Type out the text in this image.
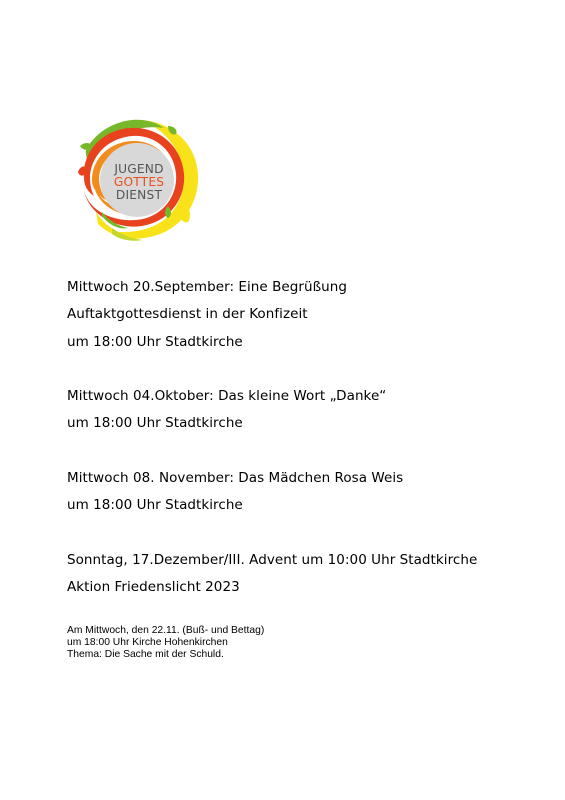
JUGEND
GOTTES
DIENST
Mittwoch 20.September: Eine Begrüßung
Auftaktgottesdienst in der Konfizeit
um 18:00 Uhr Stadtkirche
Mittwoch 04.Oktober: Das kleine Wort „Danke“
um 18:00 Uhr Stadtkirche
Mittwoch 08. November: Das Mädchen Rosa Weis
um 18:00 Uhr Stadtkirche
Sonntag, 17.Dezember/III. Advent um 10:00 Uhr Stadtkirche
Aktion Friedenslicht 2023
Am Mittwoch, den 22.11. (Buß- und Bettag)
um 18:00 Uhr Kirche Hohenkirchen
Thema: Die Sache mit der Schuld.
